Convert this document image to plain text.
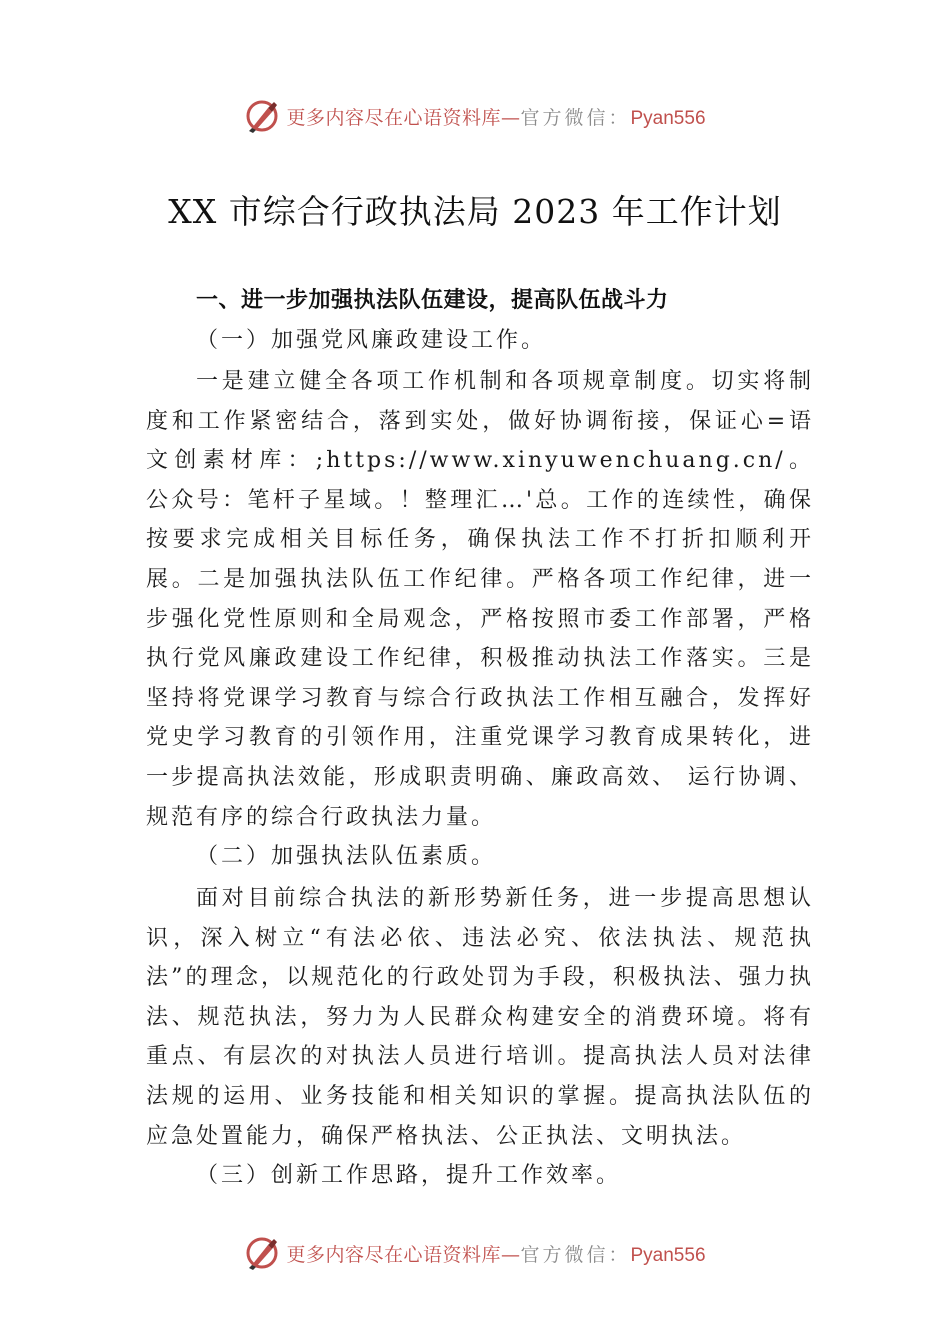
更多内容尽在心语资料库—官方微信：Pyan556
XX 市综合行政执法局 2023 年工作计划
一、进一步加强执法队伍建设，提高队伍战斗力
（一）加强党风廉政建设工作。
一是建立健全各项工作机制和各项规章制度。切实将制度和工作紧密结合，落到实处，做好协调衔接，保证心=语文创素材库：;https://www.xinyuwenchuang.cn/。公众号：笔杆子星域。！整理汇…'总。工作的连续性，确保按要求完成相关目标任务，确保执法工作不打折扣顺利开展。二是加强执法队伍工作纪律。严格各项工作纪律，进一步强化党性原则和全局观念，严格按照市委工作部署，严格执行党风廉政建设工作纪律，积极推动执法工作落实。三是坚持将党课学习教育与综合行政执法工作相互融合，发挥好党史学习教育的引领作用，注重党课学习教育成果转化，进一步提高执法效能，形成职责明确、廉政高效、 运行协调、规范有序的综合行政执法力量。
（二）加强执法队伍素质。
面对目前综合执法的新形势新任务，进一步提高思想认识，深入树立“有法必依、违法必究、依法执法、规范执法”的理念，以规范化的行政处罚为手段，积极执法、强力执法、规范执法，努力为人民群众构建安全的消费环境。将有重点、有层次的对执法人员进行培训。提高执法人员对法律法规的运用、业务技能和相关知识的掌握。提高执法队伍的应急处置能力，确保严格执法、公正执法、文明执法。
（三）创新工作思路，提升工作效率。
更多内容尽在心语资料库—官方微信：Pyan556
